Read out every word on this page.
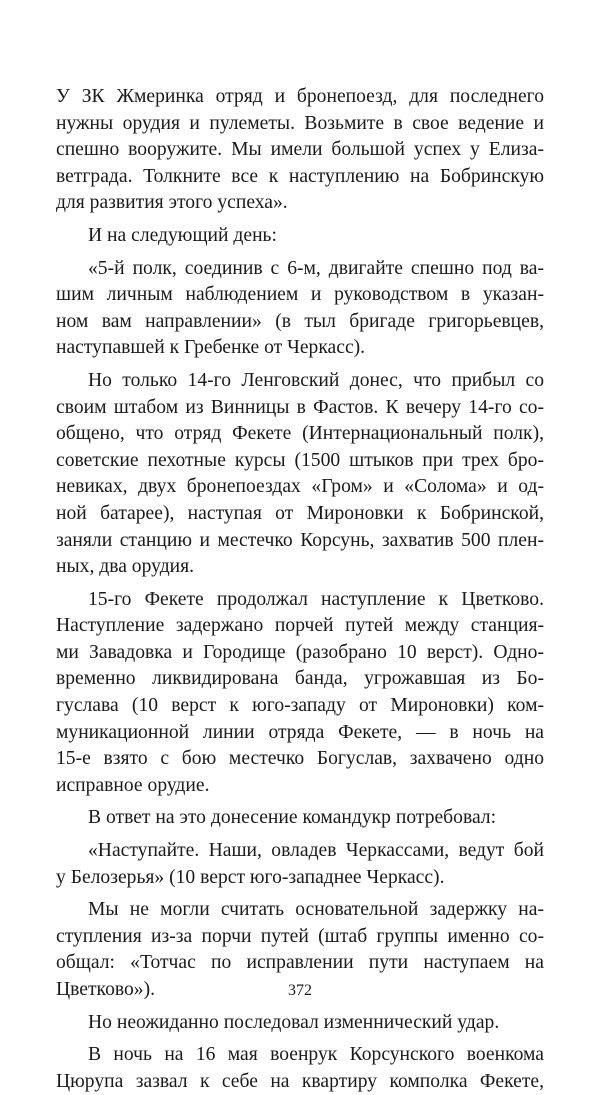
У ЗК Жмеринка отряд и бронепоезд, для последнего
нужны орудия и пулеметы. Возьмите в свое ведение и
спешно вооружите. Мы имели большой успех у Елиза-
ветграда. Толкните все к наступлению на Бобринскую
для развития этого успеха».
И на следующий день:
«5-й полк, соединив с 6-м, двигайте спешно под ва-
шим личным наблюдением и руководством в указан-
ном вам направлении» (в тыл бригаде григорьевцев,
наступавшей к Гребенке от Черкасс).
Но только 14-го Ленговский донес, что прибыл со
своим штабом из Винницы в Фастов. К вечеру 14-го со-
общено, что отряд Фекете (Интернациональный полк),
советские пехотные курсы (1500 штыков при трех бро-
невиках, двух бронепоездах «Гром» и «Солома» и од-
ной батарее), наступая от Мироновки к Бобринской,
заняли станцию и местечко Корсунь, захватив 500 плен-
ных, два орудия.
15-го Фекете продолжал наступление к Цветково.
Наступление задержано порчей путей между станция-
ми Завадовка и Городище (разобрано 10 верст). Одно-
временно ликвидирована банда, угрожавшая из Бо-
гуслава (10 верст к юго-западу от Мироновки) ком-
муникационной линии отряда Фекете, — в ночь на
15-е взято с бою местечко Богуслав, захвачено одно
исправное орудие.
В ответ на это донесение командукр потребовал:
«Наступайте. Наши, овладев Черкассами, ведут бой
у Белозерья» (10 верст юго-западнее Черкасс).
Мы не могли считать основательной задержку на-
ступления из-за порчи путей (штаб группы именно со-
общал: «Тотчас по исправлении пути наступаем на
Цветково»).
Но неожиданно последовал изменнический удар.
В ночь на 16 мая военрук Корсунского военкома
Цюрупа зазвал к себе на квартиру комполка Фекете,
372
